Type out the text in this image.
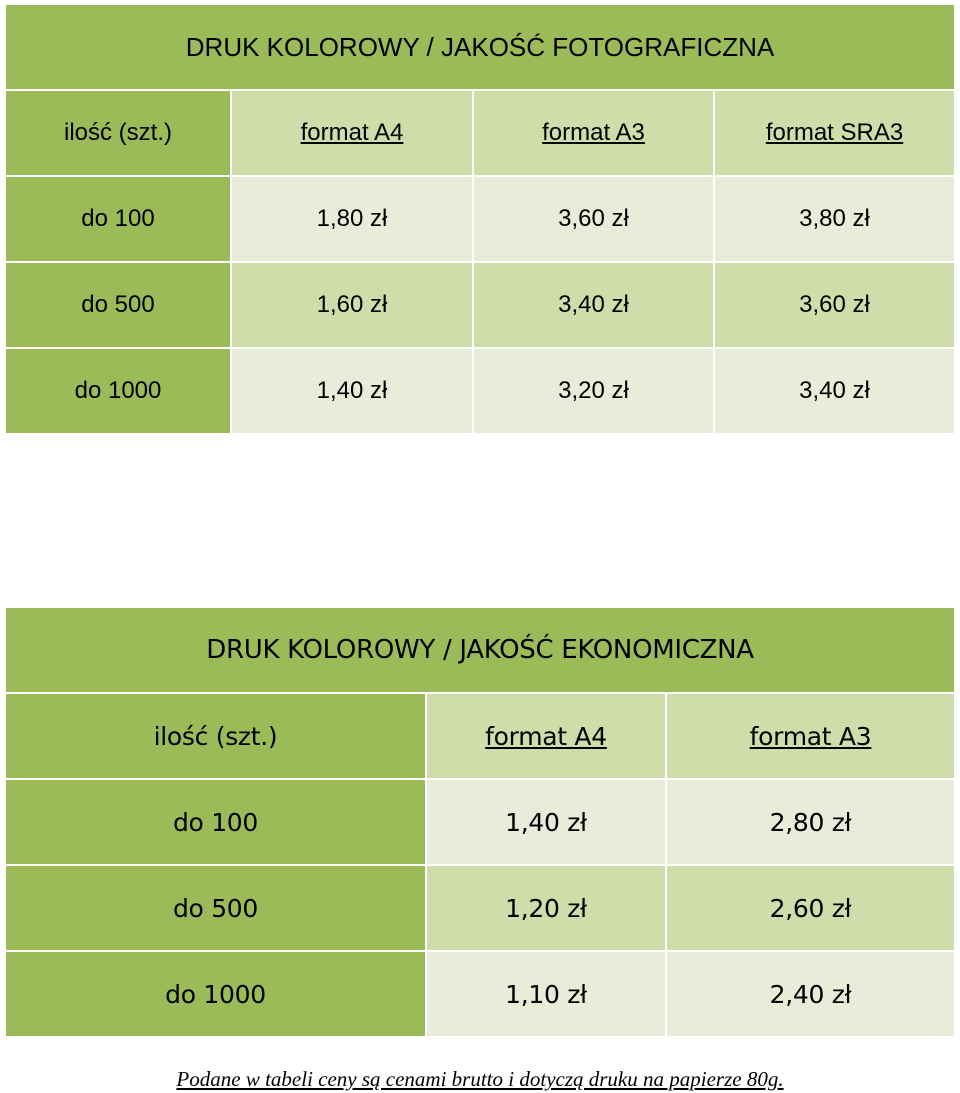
DRUK KOLOROWY / JAKOŚĆ FOTOGRAFICZNA			
ilość (szt.)	format A4	format A3	format SRA3
do 100	1,80 zł	3,60 zł	3,80 zł
do 500	1,60 zł	3,40 zł	3,60 zł
do 1000	1,40 zł	3,20 zł	3,40 zł
DRUK KOLOROWY / JAKOŚĆ EKONOMICZNA		
ilość (szt.)	format A4	format A3
do 100	1,40 zł	2,80 zł
do 500	1,20 zł	2,60 zł
do 1000	1,10 zł	2,40 zł
Podane w tabeli ceny są cenami brutto i dotyczą druku na papierze 80g.
